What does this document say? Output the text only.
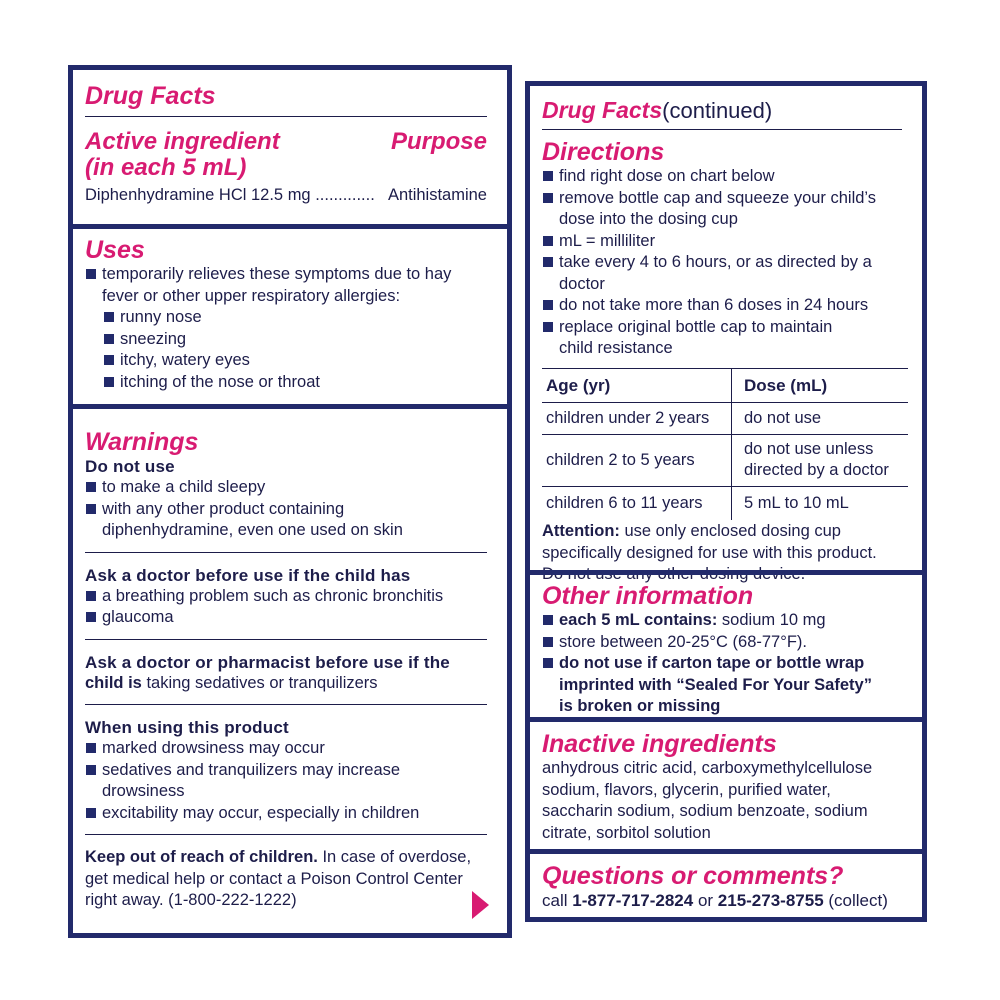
Drug Facts

Active ingredient	Purpose

(in each 5 mL)

Diphenhydramine HCl 12.5 mg ............. Antihistamine

Uses

temporarily relieves these symptoms due to hay
fever or other upper respiratory allergies:
runny nose
sneezing
itchy, watery eyes
itching of the nose or throat

Warnings

Do not use

to make a child sleepy
with any other product containing
diphenhydramine, even one used on skin

Ask a doctor before use if the child has

a breathing problem such as chronic bronchitis
glaucoma

Ask a doctor or pharmacist before use if the

child is taking sedatives or tranquilizers

When using this product

marked drowsiness may occur
sedatives and tranquilizers may increase
drowsiness
excitability may occur, especially in children

Keep out of reach of children. In case of overdose,
get medical help or contact a Poison Control Center
right away. (1-800-222-1222)

Drug Facts(continued)

Directions

find right dose on chart below
remove bottle cap and squeeze your child’s
dose into the dosing cup
mL = milliliter
take every 4 to 6 hours, or as directed by a doctor
do not take more than 6 doses in 24 hours
replace original bottle cap to maintain
child resistance
Age (yr)	Dose (mL)
children under 2 years	do not use
children 2 to 5 years	do not use unless
directed by a doctor
children 6 to 11 years	5 mL to 10 mL

Attention: use only enclosed dosing cup
specifically designed for use with this product.

Other information

each 5 mL contains: sodium 10 mg
store between 20-25°C (68-77°F).
do not use if carton tape or bottle wrap
imprinted with “Sealed For Your Safety”
is broken or missing

Inactive ingredients

anhydrous citric acid, carboxymethylcellulose
sodium, flavors, glycerin, purified water,
saccharin sodium, sodium benzoate, sodium
citrate, sorbitol solution

Questions or comments?

call 1-877-717-2824 or 215-273-8755 (collect)
